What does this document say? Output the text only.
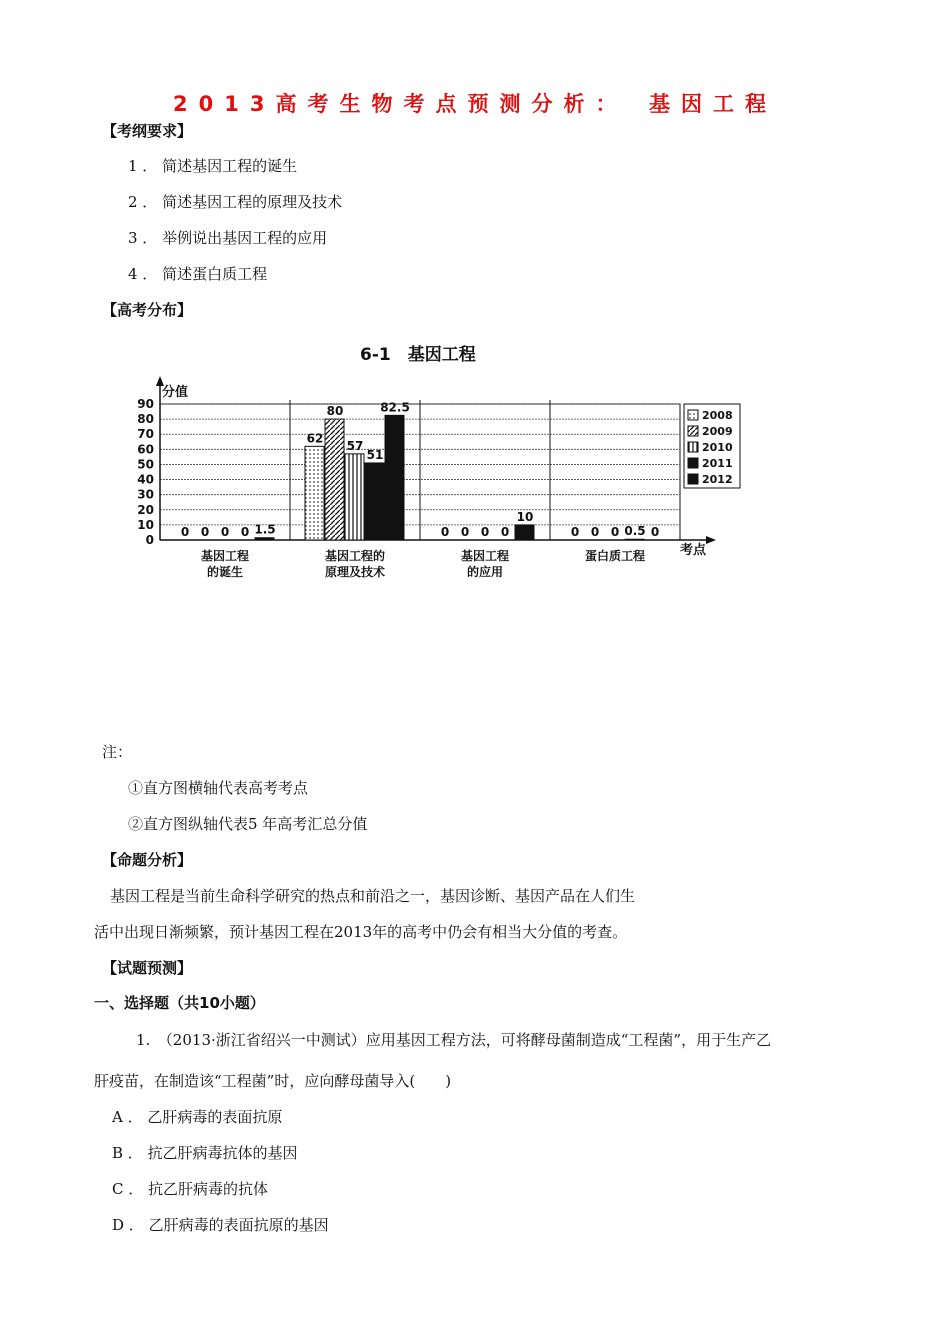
2013高考生物考点预测分析：　基因工程
【考纲要求】
1 ． 简述基因工程的诞生
2 ． 简述基因工程的原理及技术
3 ． 举例说出基因工程的应用
4 ． 简述蛋白质工程
【高考分布】
6-1　基因工程
0
10
20
30
40
50
60
70
80
90
0 0 0 0 1.5
基因工程
的诞生
62
80
57
51
82.5
基因工程的
原理及技术
0 0 0 0
10
基因工程
的应用
0 0 0 0.5 0
蛋白质工程
2008
2009
2010
2011
2012
分值
考点
注：
①直方图横轴代表高考考点
②直方图纵轴代表5 年高考汇总分值
【命题分析】
基因工程是当前生命科学研究的热点和前沿之一，基因诊断、基因产品在人们生
活中出现日渐频繁，预计基因工程在2013年的高考中仍会有相当大分值的考查。
【试题预测】
一、选择题（共10小题）
1.　（2013·浙江省绍兴一中测试）应用基因工程方法，可将酵母菌制造成“工程菌”，用于生产乙
肝疫苗，在制造该“工程菌”时，应向酵母菌导入(　　)
A ． 乙肝病毒的表面抗原
B ． 抗乙肝病毒抗体的基因
C ． 抗乙肝病毒的抗体
D ． 乙肝病毒的表面抗原的基因
